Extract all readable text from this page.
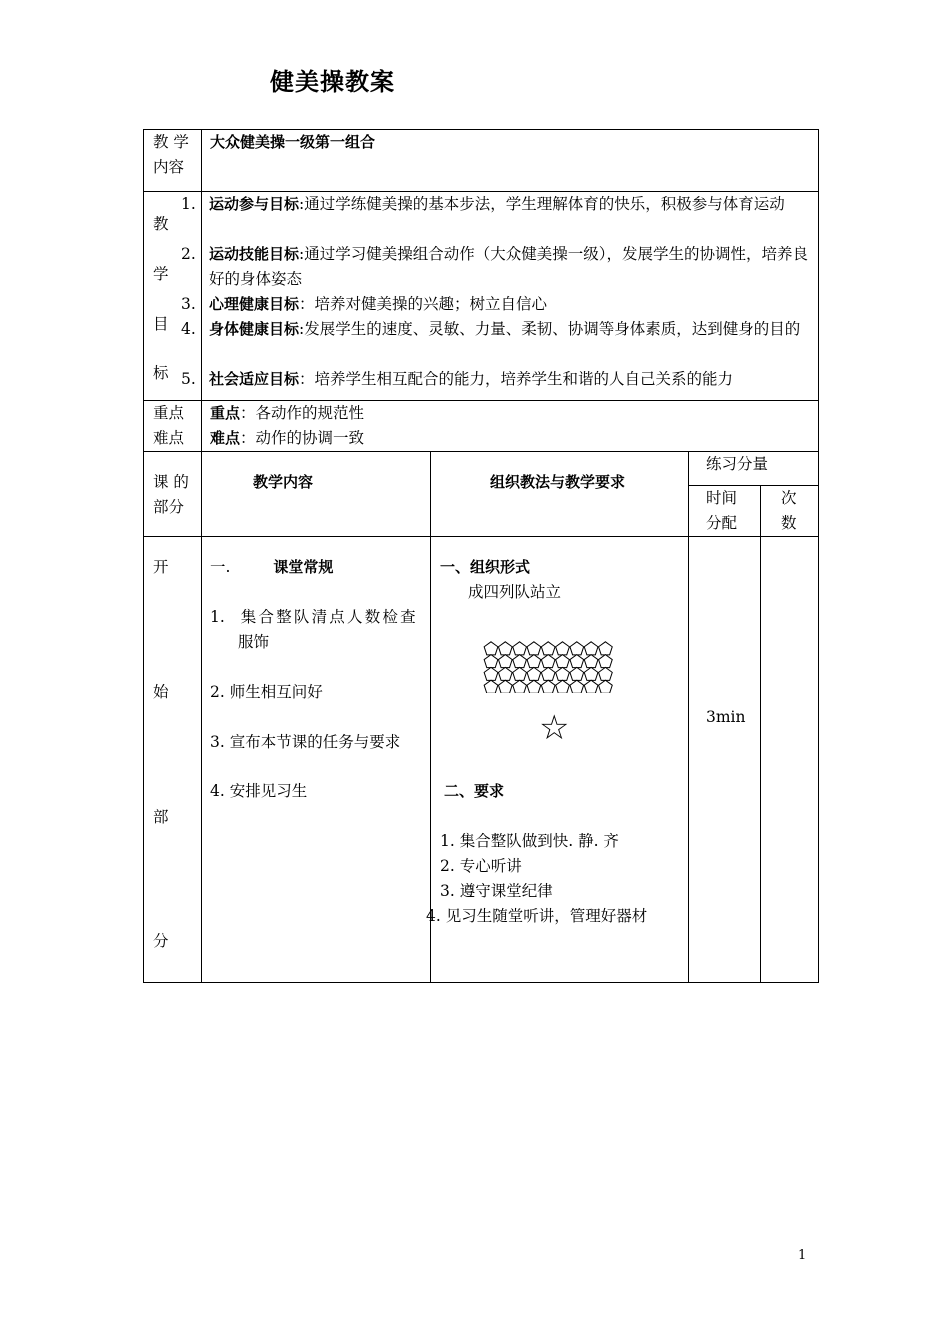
健美操教案
教 学
内容
大众健美操一级第一组合
教
学
目
标
1. 运动参与目标:通过学练健美操的基本步法，学生理解体育的快乐，积极参与体育运动
2. 运动技能目标:通过学习健美操组合动作（大众健美操一级），发展学生的协调性，培养良好的身体姿态
3. 心理健康目标：培养对健美操的兴趣；树立自信心
4. 身体健康目标:发展学生的速度、灵敏、力量、柔韧、协调等身体素质，达到健身的目的
5. 社会适应目标：培养学生相互配合的能力，培养学生和谐的人自己关系的能力
重点
难点
重点：各动作的规范性
难点：动作的协调一致
课 的
部分
教学内容	组织教法与教学要求
练习分量
时间
分配
次
数
开
始
部
分
一.	课堂常规
1. 集合整队清点人数检查
服饰
2. 师生相互问好
3. 宣布本节课的任务与要求
4. 安排见习生
一、组织形式
成四列队站立
☆
二、要求
1. 集合整队做到快. 静. 齐
2. 专心听讲
3. 遵守课堂纪律
4. 见习生随堂听讲，管理好器材
3min
1
